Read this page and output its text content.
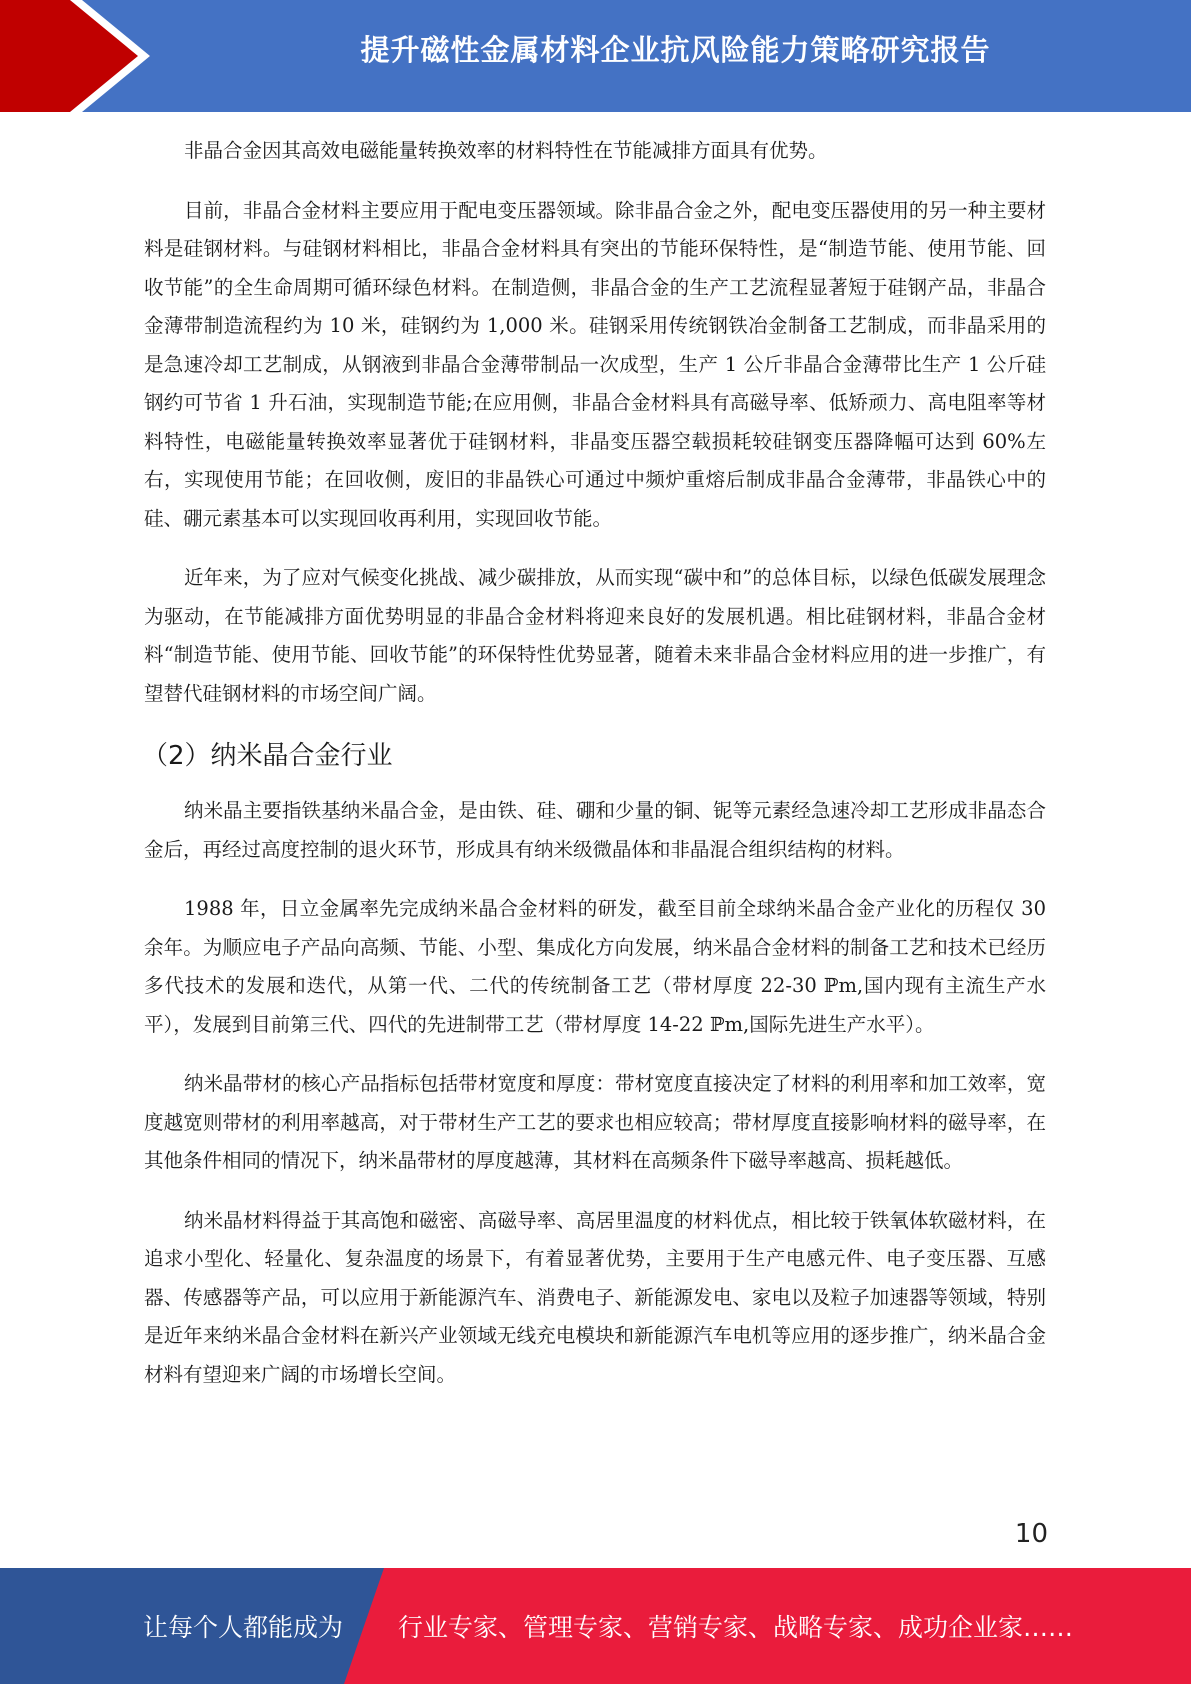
提升磁性金属材料企业抗风险能力策略研究报告

非晶合金因其高效电磁能量转换效率的材料特性在节能减排方面具有优势。

目前，非晶合金材料主要应用于配电变压器领域。除非晶合金之外，配电变压器使用的另一种主要材料是硅钢材料。与硅钢材料相比，非晶合金材料具有突出的节能环保特性，是“制造节能、使用节能、回收节能”的全生命周期可循环绿色材料。在制造侧，非晶合金的生产工艺流程显著短于硅钢产品，非晶合金薄带制造流程约为 10 米，硅钢约为 1,000 米。硅钢采用传统钢铁冶金制备工艺制成，而非晶采用的是急速冷却工艺制成，从钢液到非晶合金薄带制品一次成型，生产 1 公斤非晶合金薄带比生产 1 公斤硅钢约可节省 1 升石油，实现制造节能;在应用侧，非晶合金材料具有高磁导率、低矫顽力、高电阻率等材料特性，电磁能量转换效率显著优于硅钢材料，非晶变压器空载损耗较硅钢变压器降幅可达到 60%左右，实现使用节能；在回收侧，废旧的非晶铁心可通过中频炉重熔后制成非晶合金薄带，非晶铁心中的硅、硼元素基本可以实现回收再利用，实现回收节能。

近年来，为了应对气候变化挑战、减少碳排放，从而实现“碳中和”的总体目标，以绿色低碳发展理念为驱动，在节能减排方面优势明显的非晶合金材料将迎来良好的发展机遇。相比硅钢材料，非晶合金材料“制造节能、使用节能、回收节能”的环保特性优势显著，随着未来非晶合金材料应用的进一步推广，有望替代硅钢材料的市场空间广阔。

（2）纳米晶合金行业

纳米晶主要指铁基纳米晶合金，是由铁、硅、硼和少量的铜、铌等元素经急速冷却工艺形成非晶态合金后，再经过高度控制的退火环节，形成具有纳米级微晶体和非晶混合组织结构的材料。

1988 年，日立金属率先完成纳米晶合金材料的研发，截至目前全球纳米晶合金产业化的历程仅 30 余年。为顺应电子产品向高频、节能、小型、集成化方向发展，纳米晶合金材料的制备工艺和技术已经历多代技术的发展和迭代，从第一代、二代的传统制备工艺（带材厚度 22-30 ℙm,国内现有主流生产水平），发展到目前第三代、四代的先进制带工艺（带材厚度 14-22 ℙm,国际先进生产水平）。

纳米晶带材的核心产品指标包括带材宽度和厚度：带材宽度直接决定了材料的利用率和加工效率，宽度越宽则带材的利用率越高，对于带材生产工艺的要求也相应较高；带材厚度直接影响材料的磁导率，在其他条件相同的情况下，纳米晶带材的厚度越薄，其材料在高频条件下磁导率越高、损耗越低。

纳米晶材料得益于其高饱和磁密、高磁导率、高居里温度的材料优点，相比较于铁氧体软磁材料，在追求小型化、轻量化、复杂温度的场景下，有着显著优势，主要用于生产电感元件、电子变压器、互感器、传感器等产品，可以应用于新能源汽车、消费电子、新能源发电、家电以及粒子加速器等领域，特别是近年来纳米晶合金材料在新兴产业领域无线充电模块和新能源汽车电机等应用的逐步推广，纳米晶合金材料有望迎来广阔的市场增长空间。

10
让每个人都能成为 行业专家、管理专家、营销专家、战略专家、成功企业家……
